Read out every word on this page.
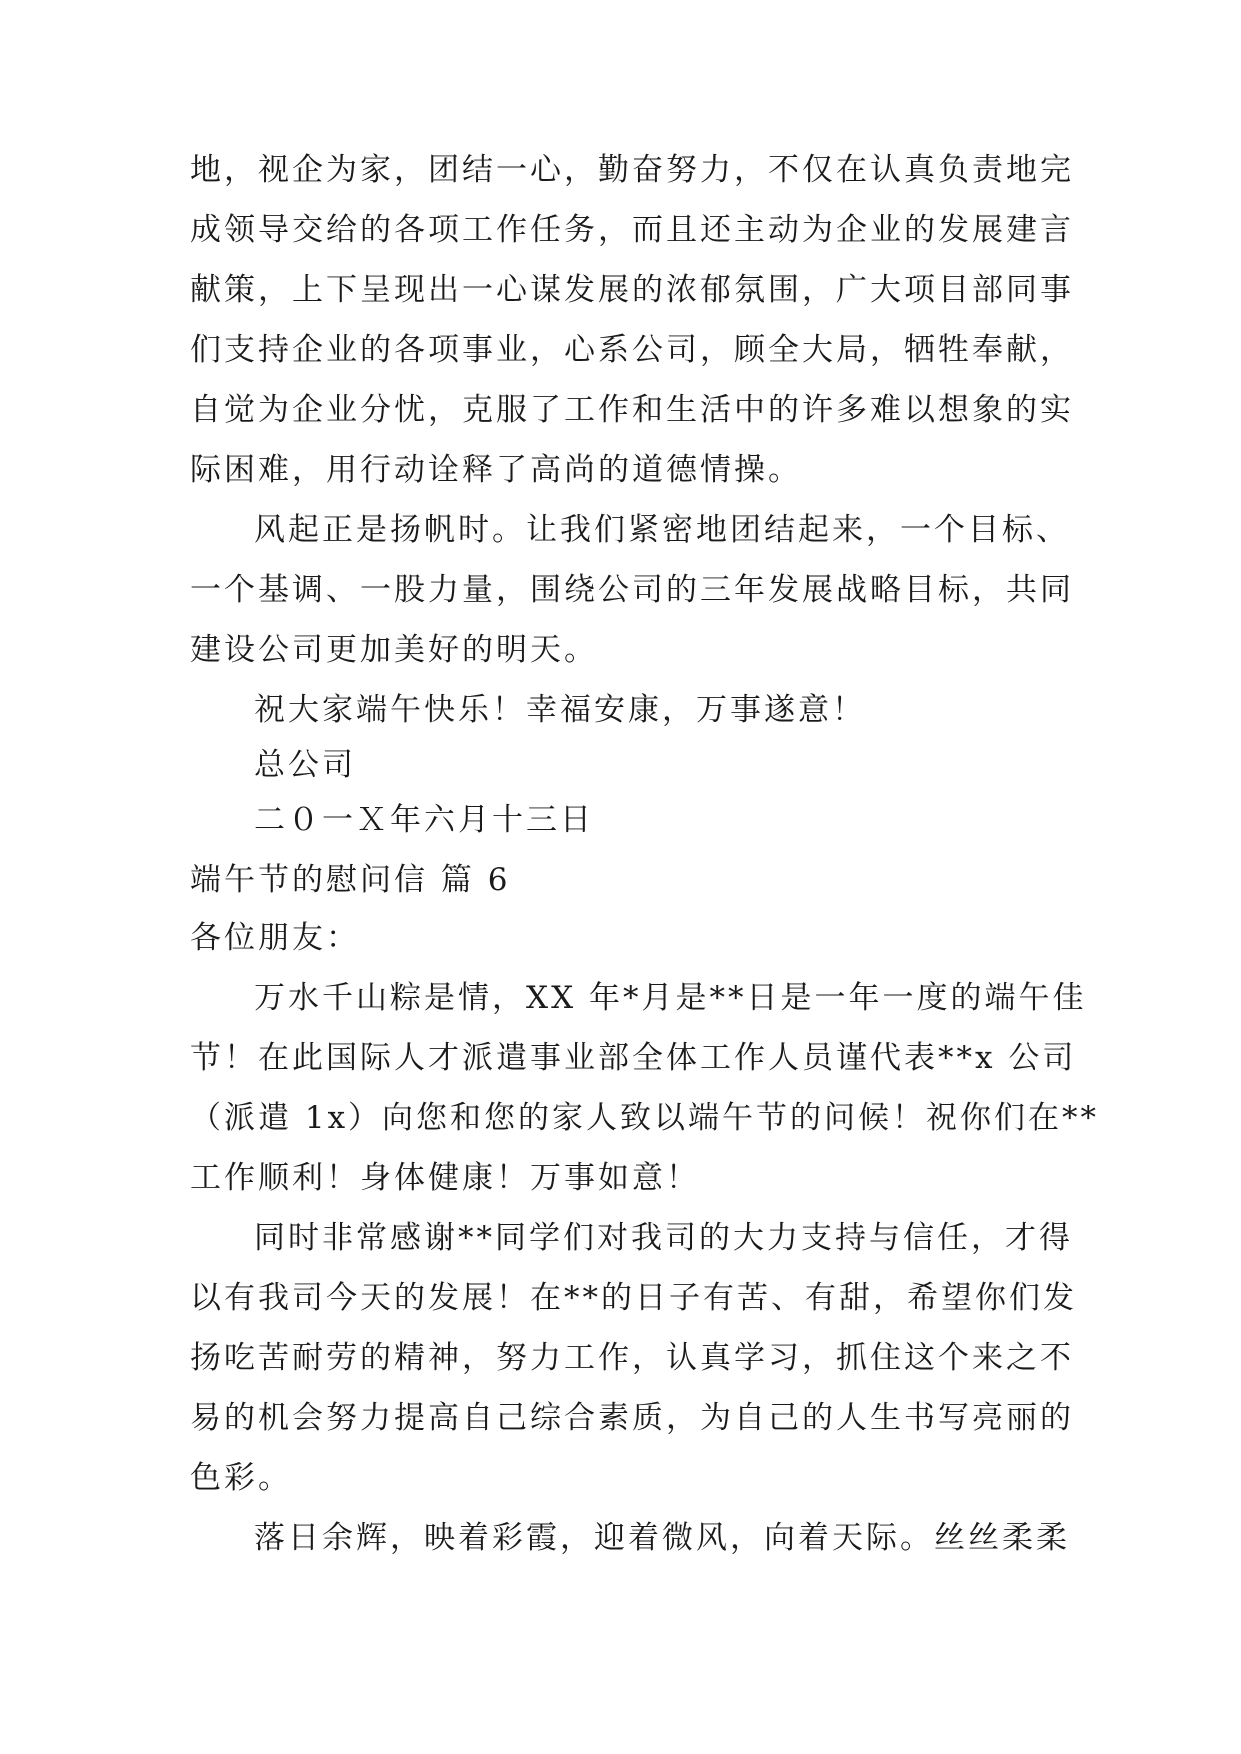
地，视企为家，团结一心，勤奋努力，不仅在认真负责地完
成领导交给的各项工作任务，而且还主动为企业的发展建言
献策，上下呈现出一心谋发展的浓郁氛围，广大项目部同事
们支持企业的各项事业，心系公司，顾全大局，牺牲奉献，
自觉为企业分忧，克服了工作和生活中的许多难以想象的实
际困难，用行动诠释了高尚的道德情操。
风起正是扬帆时。让我们紧密地团结起来，一个目标、
一个基调、一股力量，围绕公司的三年发展战略目标，共同
建设公司更加美好的明天。
祝大家端午快乐！幸福安康，万事遂意！
总公司
二０一Ｘ年六月十三日
端午节的慰问信 篇 6
各位朋友：
万水千山粽是情，XX 年*月是**日是一年一度的端午佳
节！在此国际人才派遣事业部全体工作人员谨代表**x 公司
（派遣 1x）向您和您的家人致以端午节的问候！祝你们在**
工作顺利！身体健康！万事如意！
同时非常感谢**同学们对我司的大力支持与信任，才得
以有我司今天的发展！在**的日子有苦、有甜，希望你们发
扬吃苦耐劳的精神，努力工作，认真学习，抓住这个来之不
易的机会努力提高自己综合素质，为自己的人生书写亮丽的
色彩。
落日余辉，映着彩霞，迎着微风，向着天际。丝丝柔柔
